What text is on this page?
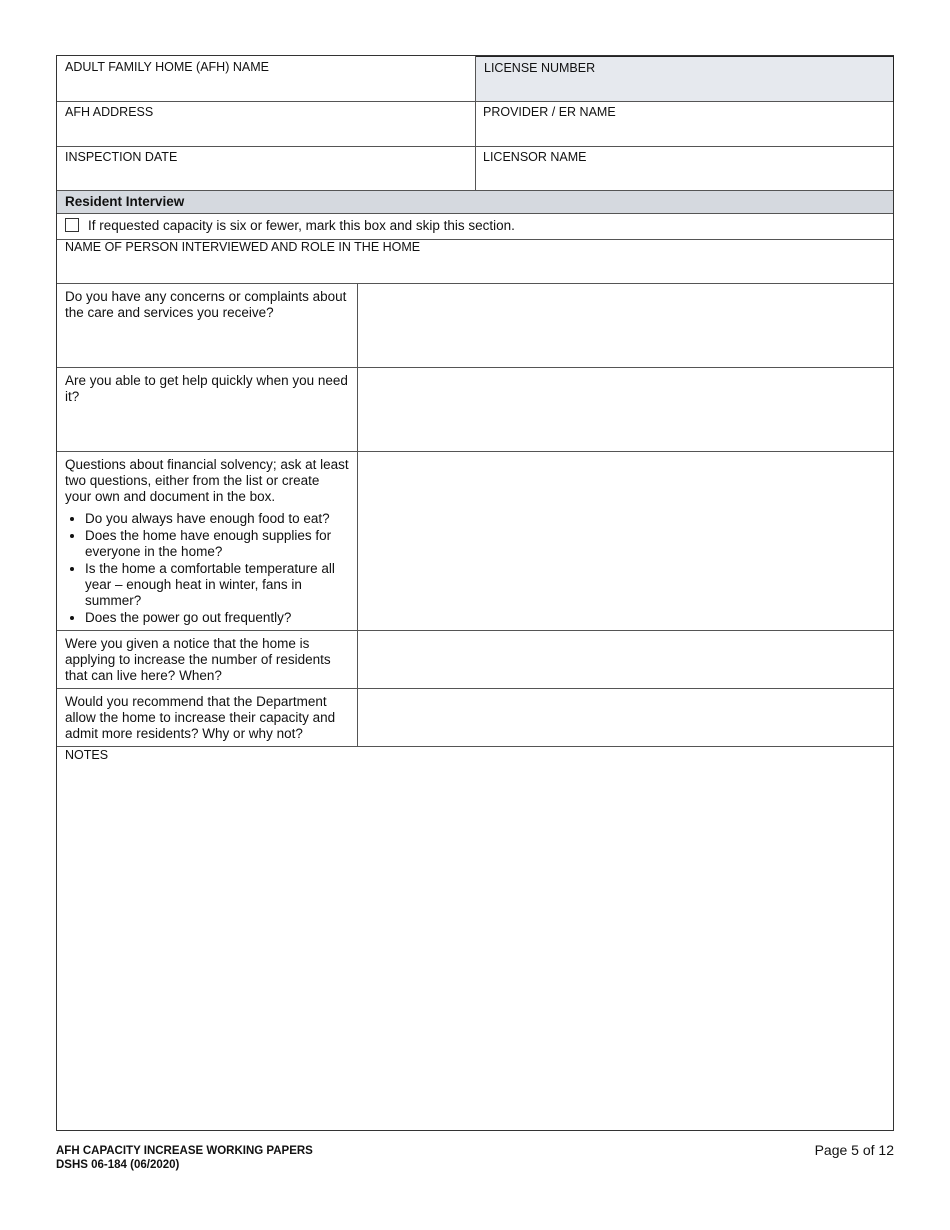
ADULT FAMILY HOME (AFH) NAME	LICENSE NUMBER
AFH ADDRESS	PROVIDER / ER NAME
INSPECTION DATE	LICENSOR NAME
Resident Interview
If requested capacity is six or fewer, mark this box and skip this section.
NAME OF PERSON INTERVIEWED AND ROLE IN THE HOME
Do you have any concerns or complaints about the care and services you receive?
Are you able to get help quickly when you need it?
Questions about financial solvency; ask at least two questions, either from the list or create your own and document in the box.
• Do you always have enough food to eat?
• Does the home have enough supplies for everyone in the home?
• Is the home a comfortable temperature all year – enough heat in winter, fans in summer?
• Does the power go out frequently?
Were you given a notice that the home is applying to increase the number of residents that can live here? When?
Would you recommend that the Department allow the home to increase their capacity and admit more residents? Why or why not?
NOTES
AFH CAPACITY INCREASE WORKING PAPERS
DSHS 06-184 (06/2020)
Page 5 of 12
